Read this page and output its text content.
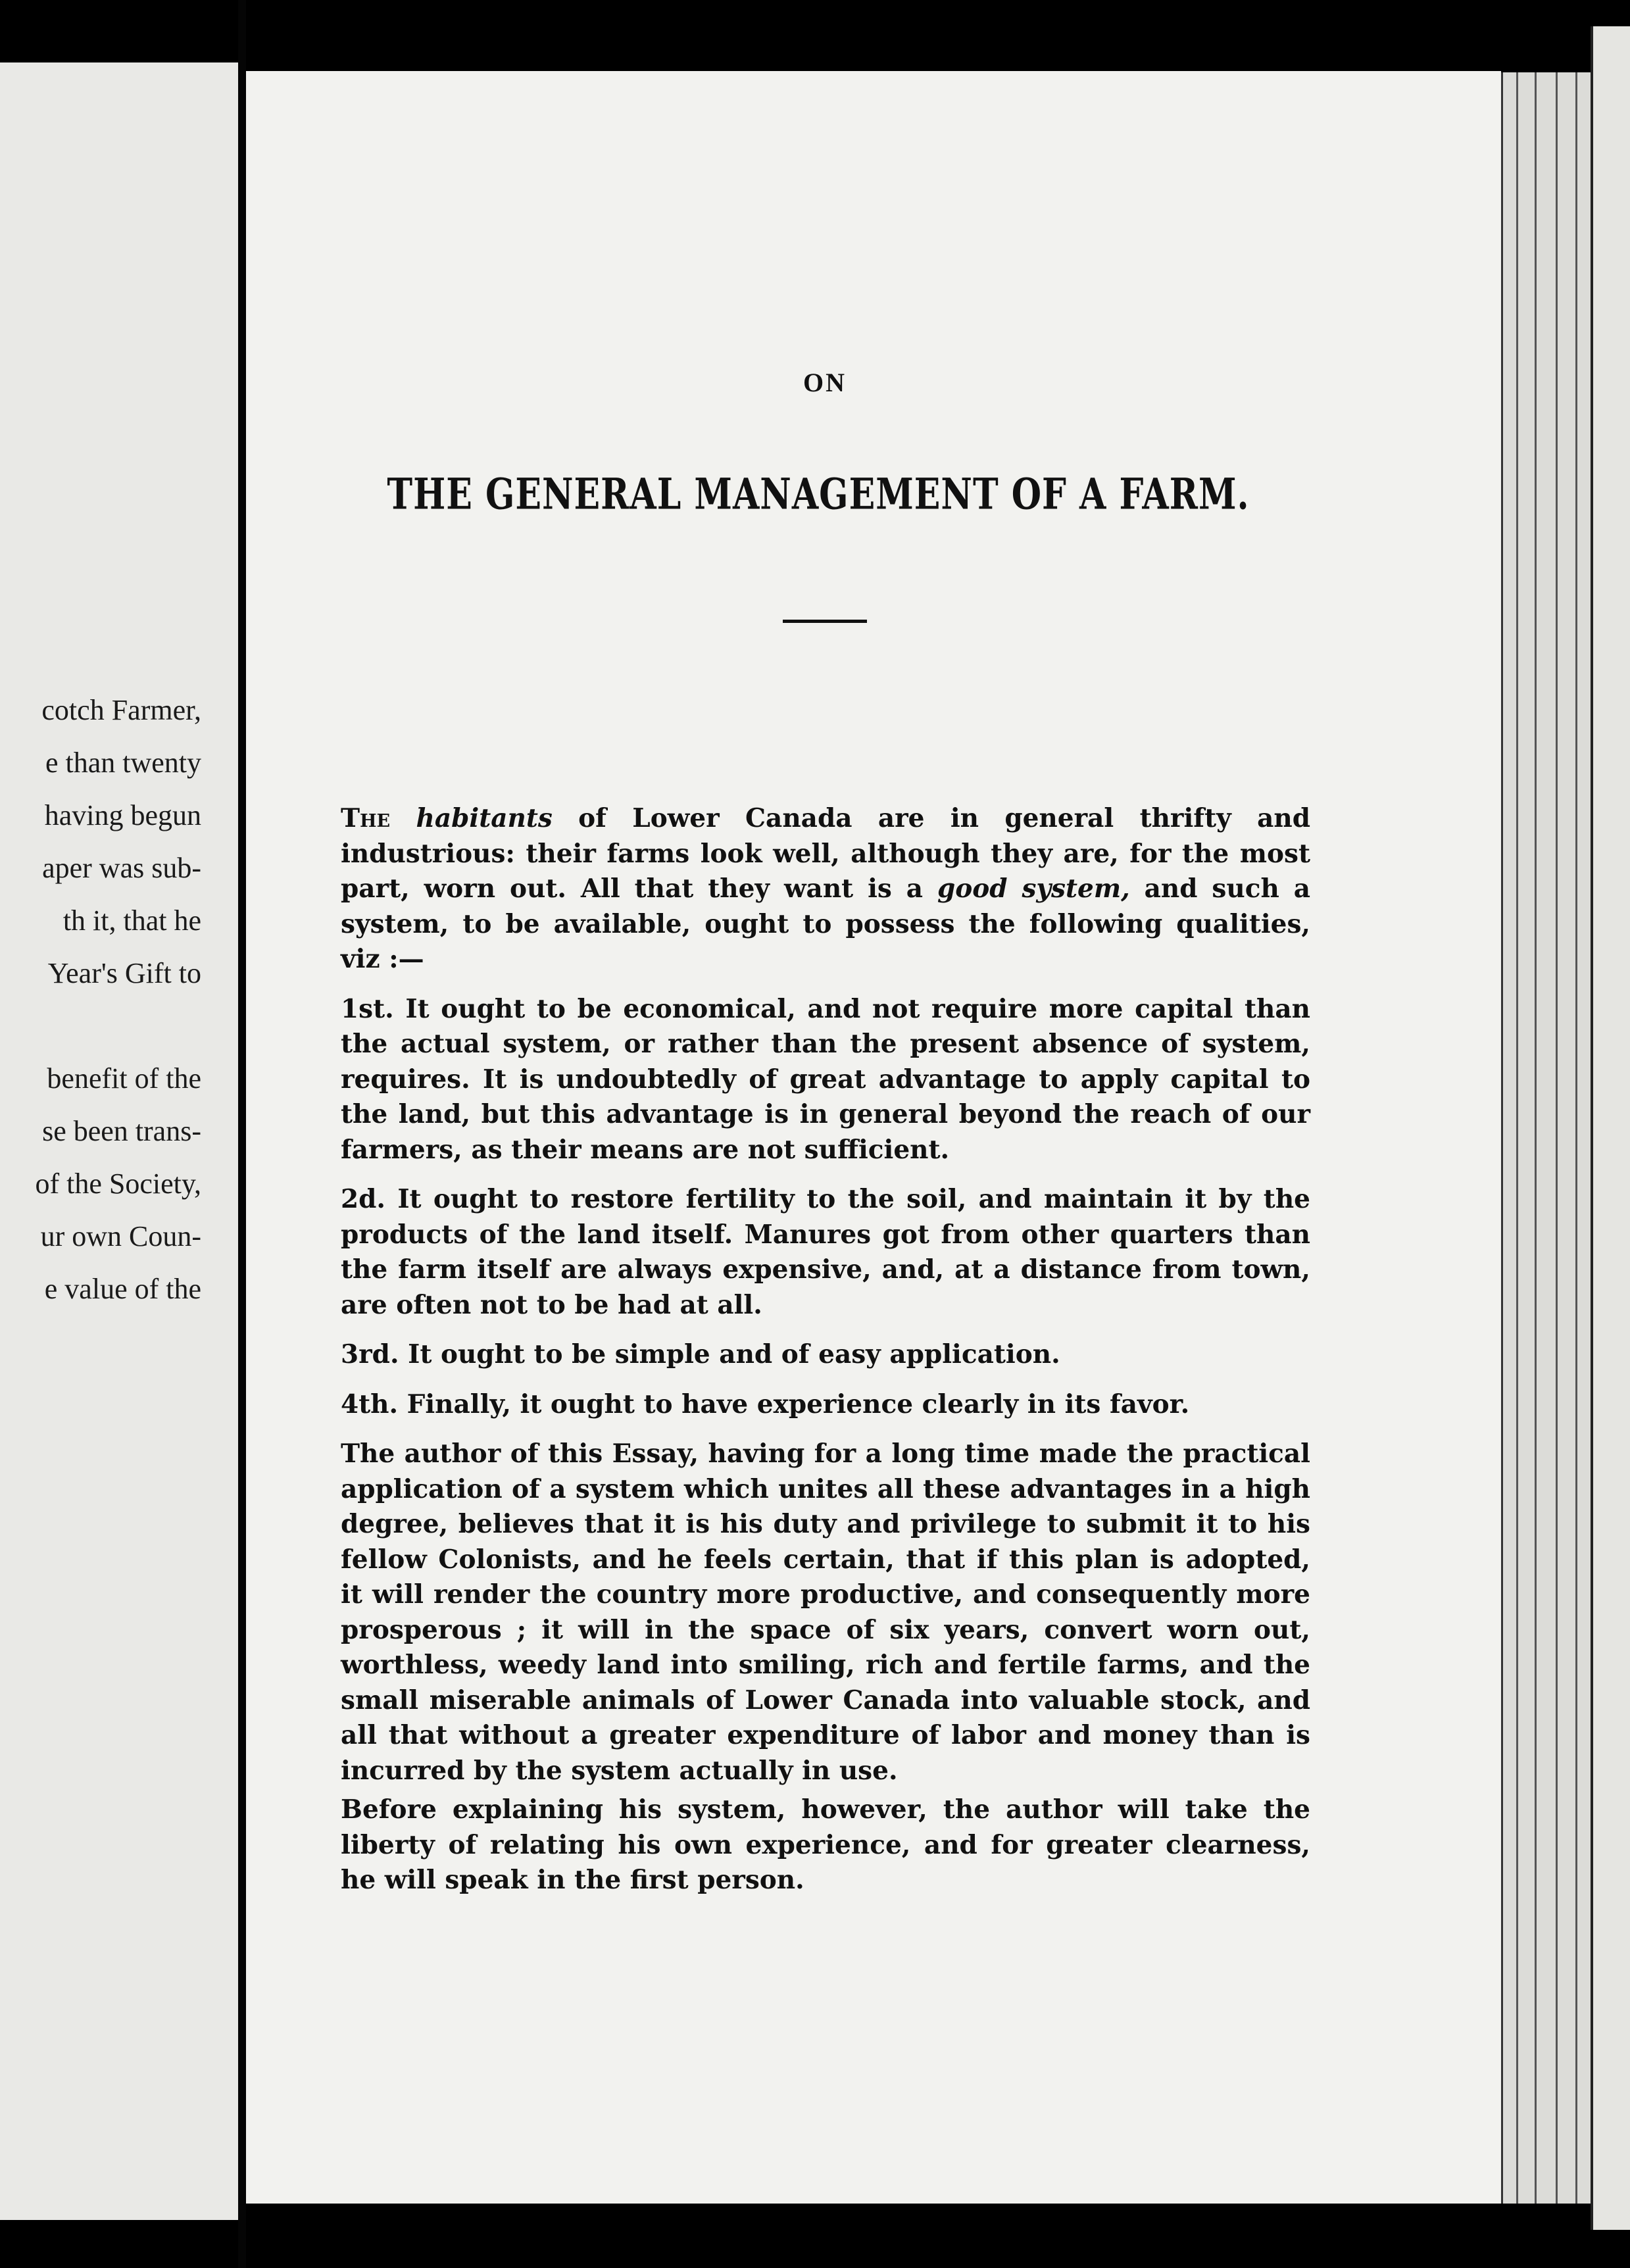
cotch Farmer,
e than twenty
having begun
aper was sub-
th it, that he
Year's Gift to
benefit of the
se been trans-
of the Society,
ur own Coun-
e value of the

ON
THE GENERAL MANAGEMENT OF A FARM.

The habitants of Lower Canada are in general thrifty and industrious: their farms look well, although they are, for the most part, worn out. All that they want is a good system, and such a system, to be available, ought to possess the following qualities, viz :—

1st. It ought to be economical, and not require more capital than the actual system, or rather than the present absence of system, requires. It is undoubtedly of great advantage to apply capital to the land, but this advantage is in general beyond the reach of our farmers, as their means are not sufficient.

2d. It ought to restore fertility to the soil, and maintain it by the products of the land itself. Manures got from other quarters than the farm itself are always expensive, and, at a distance from town, are often not to be had at all.

3rd. It ought to be simple and of easy application.

4th. Finally, it ought to have experience clearly in its favor.

The author of this Essay, having for a long time made the practical application of a system which unites all these advantages in a high degree, believes that it is his duty and privilege to submit it to his fellow Colonists, and he feels certain, that if this plan is adopted, it will render the country more productive, and consequently more prosperous ; it will in the space of six years, convert worn out, worthless, weedy land into smiling, rich and fertile farms, and the small miserable animals of Lower Canada into valuable stock, and all that without a greater expenditure of labor and money than is incurred by the system actually in use.

Before explaining his system, however, the author will take the liberty of relating his own experience, and for greater clearness, he will speak in the first person.
